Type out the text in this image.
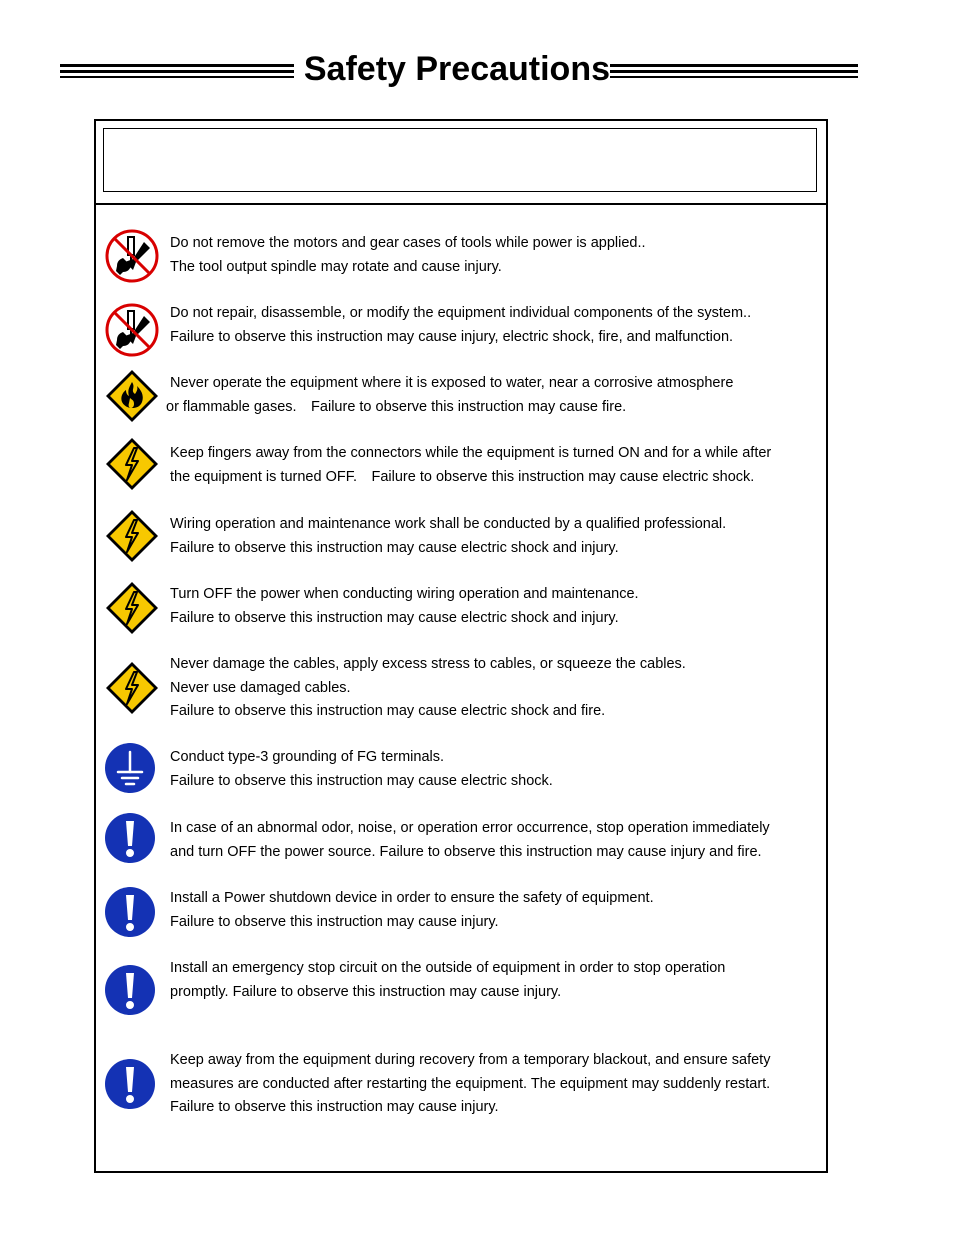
Safety Precautions
Do not remove the motors and gear cases of tools while power is applied..
The tool output spindle may rotate and cause injury.
Do not repair, disassemble, or modify the equipment individual components of the system..
Failure to observe this instruction may cause injury, electric shock, fire, and malfunction.
Never operate the equipment where it is exposed to water, near a corrosive atmosphere
or flammable gases.　Failure to observe this instruction may cause fire.
Keep fingers away from the connectors while the equipment is turned ON and for a while after
the equipment is turned OFF.　Failure to observe this instruction may cause electric shock.
Wiring operation and maintenance work shall be conducted by a qualified professional.
Failure to observe this instruction may cause electric shock and injury.
Turn OFF the power when conducting wiring operation and maintenance.
Failure to observe this instruction may cause electric shock and injury.
Never damage the cables, apply excess stress to cables, or squeeze the cables.
Never use damaged cables.
Failure to observe this instruction may cause electric shock and fire.
Conduct type-3 grounding of FG terminals.
Failure to observe this instruction may cause electric shock.
In case of an abnormal odor, noise, or operation error occurrence, stop operation immediately
and turn OFF the power source. Failure to observe this instruction may cause injury and fire.
Install a Power shutdown device in order to ensure the safety of equipment.
Failure to observe this instruction may cause injury.
Install an emergency stop circuit on the outside of equipment in order to stop operation
promptly. Failure to observe this instruction may cause injury.
Keep away from the equipment during recovery from a temporary blackout, and ensure safety
measures are conducted after restarting the equipment. The equipment may suddenly restart.
Failure to observe this instruction may cause injury.
